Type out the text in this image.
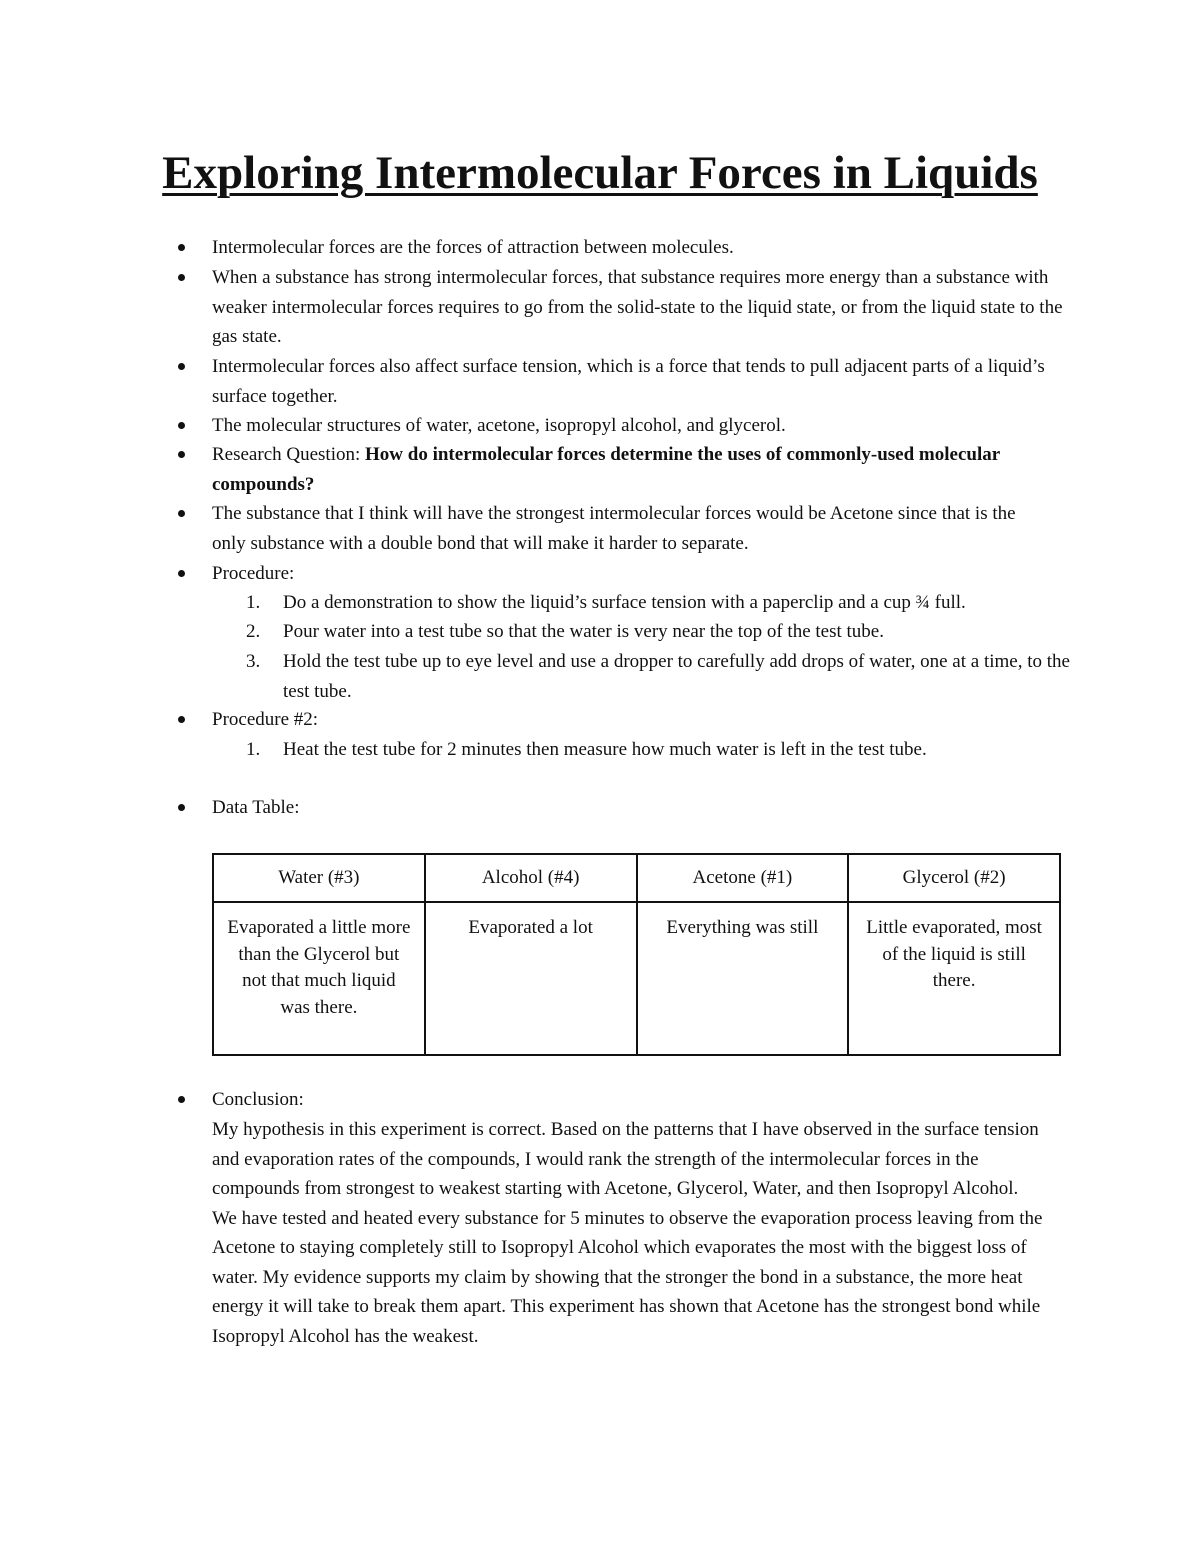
Exploring Intermolecular Forces in Liquids
Intermolecular forces are the forces of attraction between molecules.
When a substance has strong intermolecular forces, that substance requires more energy than a substance with weaker intermolecular forces requires to go from the solid-state to the liquid state, or from the liquid state to the gas state.
Intermolecular forces also affect surface tension, which is a force that tends to pull adjacent parts of a liquid’s surface together.
The molecular structures of water, acetone, isopropyl alcohol, and glycerol.
Research Question: How do intermolecular forces determine the uses of commonly-used molecular compounds?
The substance that I think will have the strongest intermolecular forces would be Acetone since that is the only substance with a double bond that will make it harder to separate.
Procedure:
1.	Do a demonstration to show the liquid’s surface tension with a paperclip and a cup ¾ full.
2.	Pour water into a test tube so that the water is very near the top of the test tube.
3.	Hold the test tube up to eye level and use a dropper to carefully add drops of water, one at a time, to the test tube.
Procedure #2:
1.	Heat the test tube for 2 minutes then measure how much water is left in the test tube.
Data Table:
Water (#3)	Alcohol (#4)	Acetone (#1)	Glycerol (#2)
Evaporated a little more than the Glycerol but not that much liquid was there.	Evaporated a lot	Everything was still	Little evaporated, most of the liquid is still there.
Conclusion:
My hypothesis in this experiment is correct. Based on the patterns that I have observed in the surface tension and evaporation rates of the compounds, I would rank the strength of the intermolecular forces in the compounds from strongest to weakest starting with Acetone, Glycerol, Water, and then Isopropyl Alcohol. We have tested and heated every substance for 5 minutes to observe the evaporation process leaving from the Acetone to staying completely still to Isopropyl Alcohol which evaporates the most with the biggest loss of water. My evidence supports my claim by showing that the stronger the bond in a substance, the more heat energy it will take to break them apart. This experiment has shown that Acetone has the strongest bond while Isopropyl Alcohol has the weakest.
